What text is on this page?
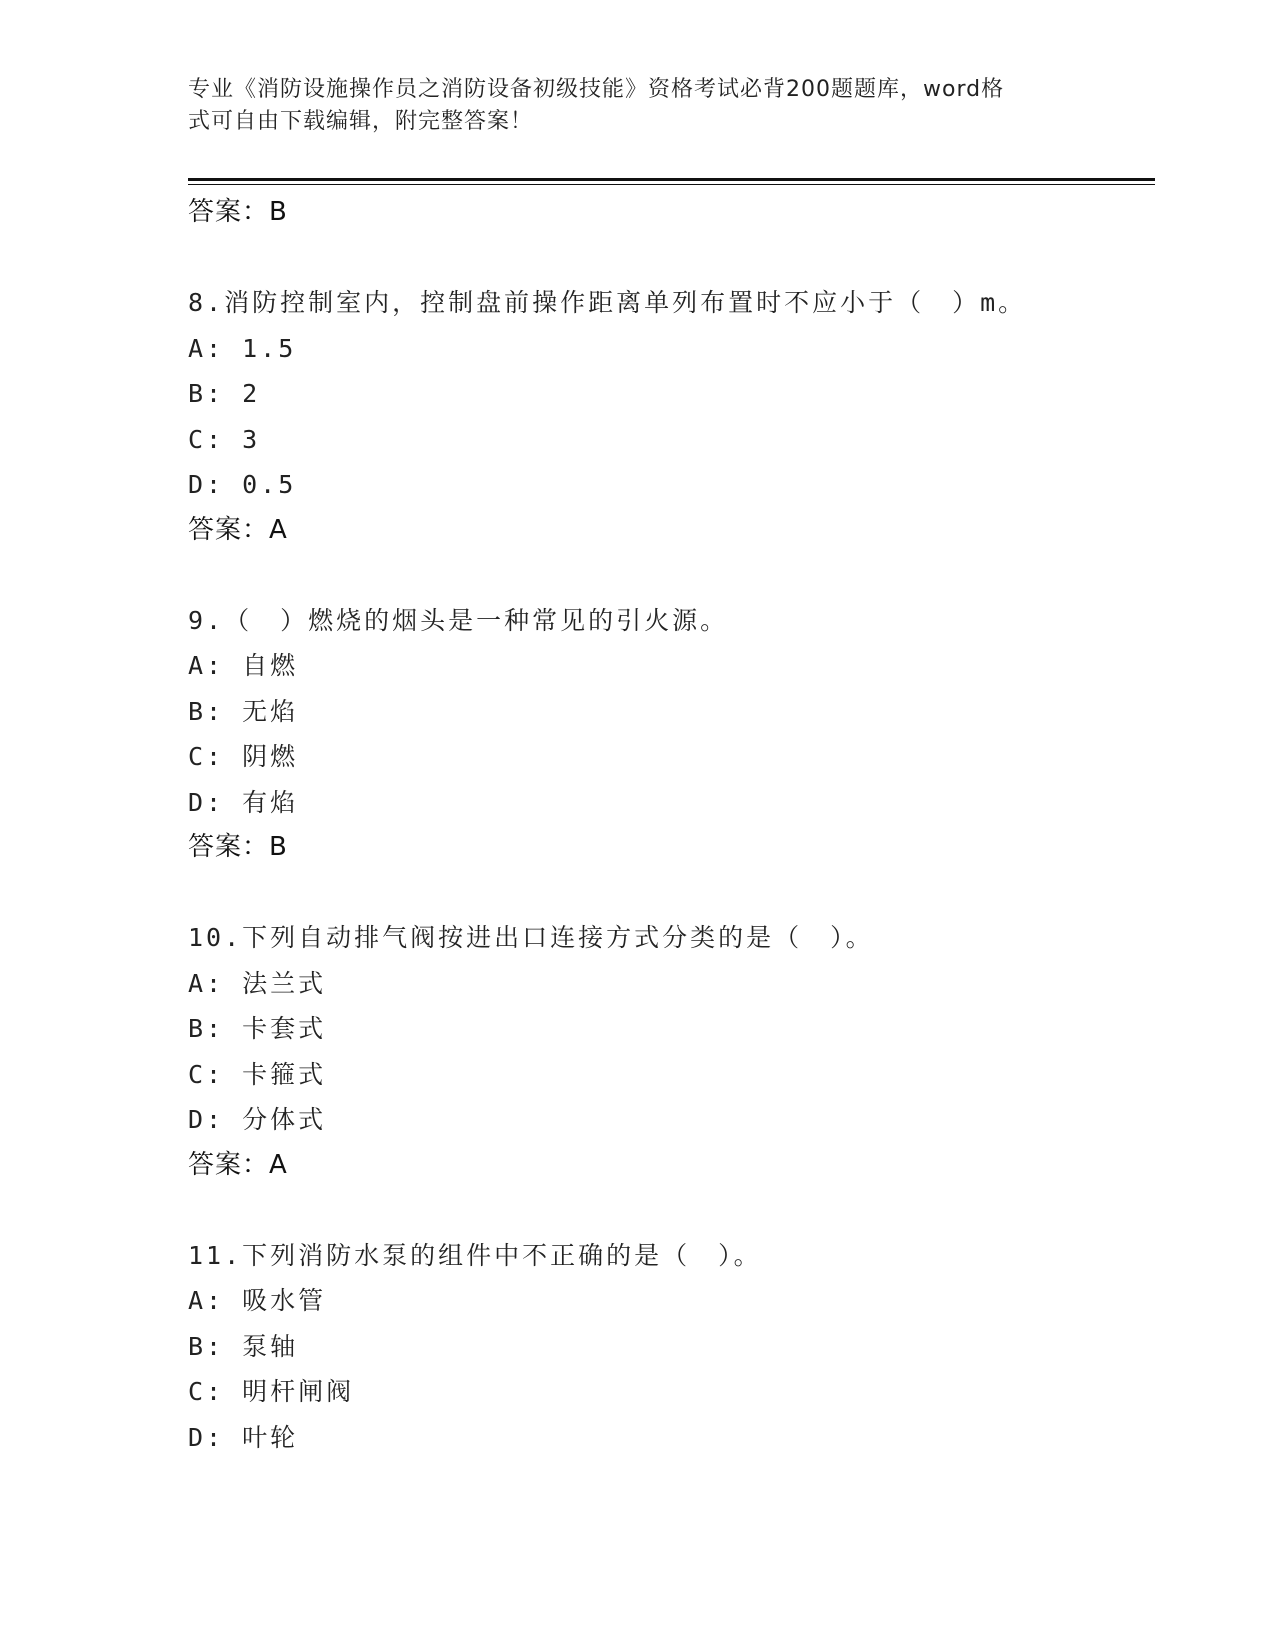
专业《消防设施操作员之消防设备初级技能》资格考试必背200题题库，word格
式可自由下载编辑，附完整答案！
答案：B
8.消防控制室内，控制盘前操作距离单列布置时不应小于（　）m。
A: 1.5
B: 2
C: 3
D: 0.5
答案：A
9.（　）燃烧的烟头是一种常见的引火源。
A: 自燃
B: 无焰
C: 阴燃
D: 有焰
答案：B
10.下列自动排气阀按进出口连接方式分类的是（　）。
A: 法兰式
B: 卡套式
C: 卡箍式
D: 分体式
答案：A
11.下列消防水泵的组件中不正确的是（　）。
A: 吸水管
B: 泵轴
C: 明杆闸阀
D: 叶轮
